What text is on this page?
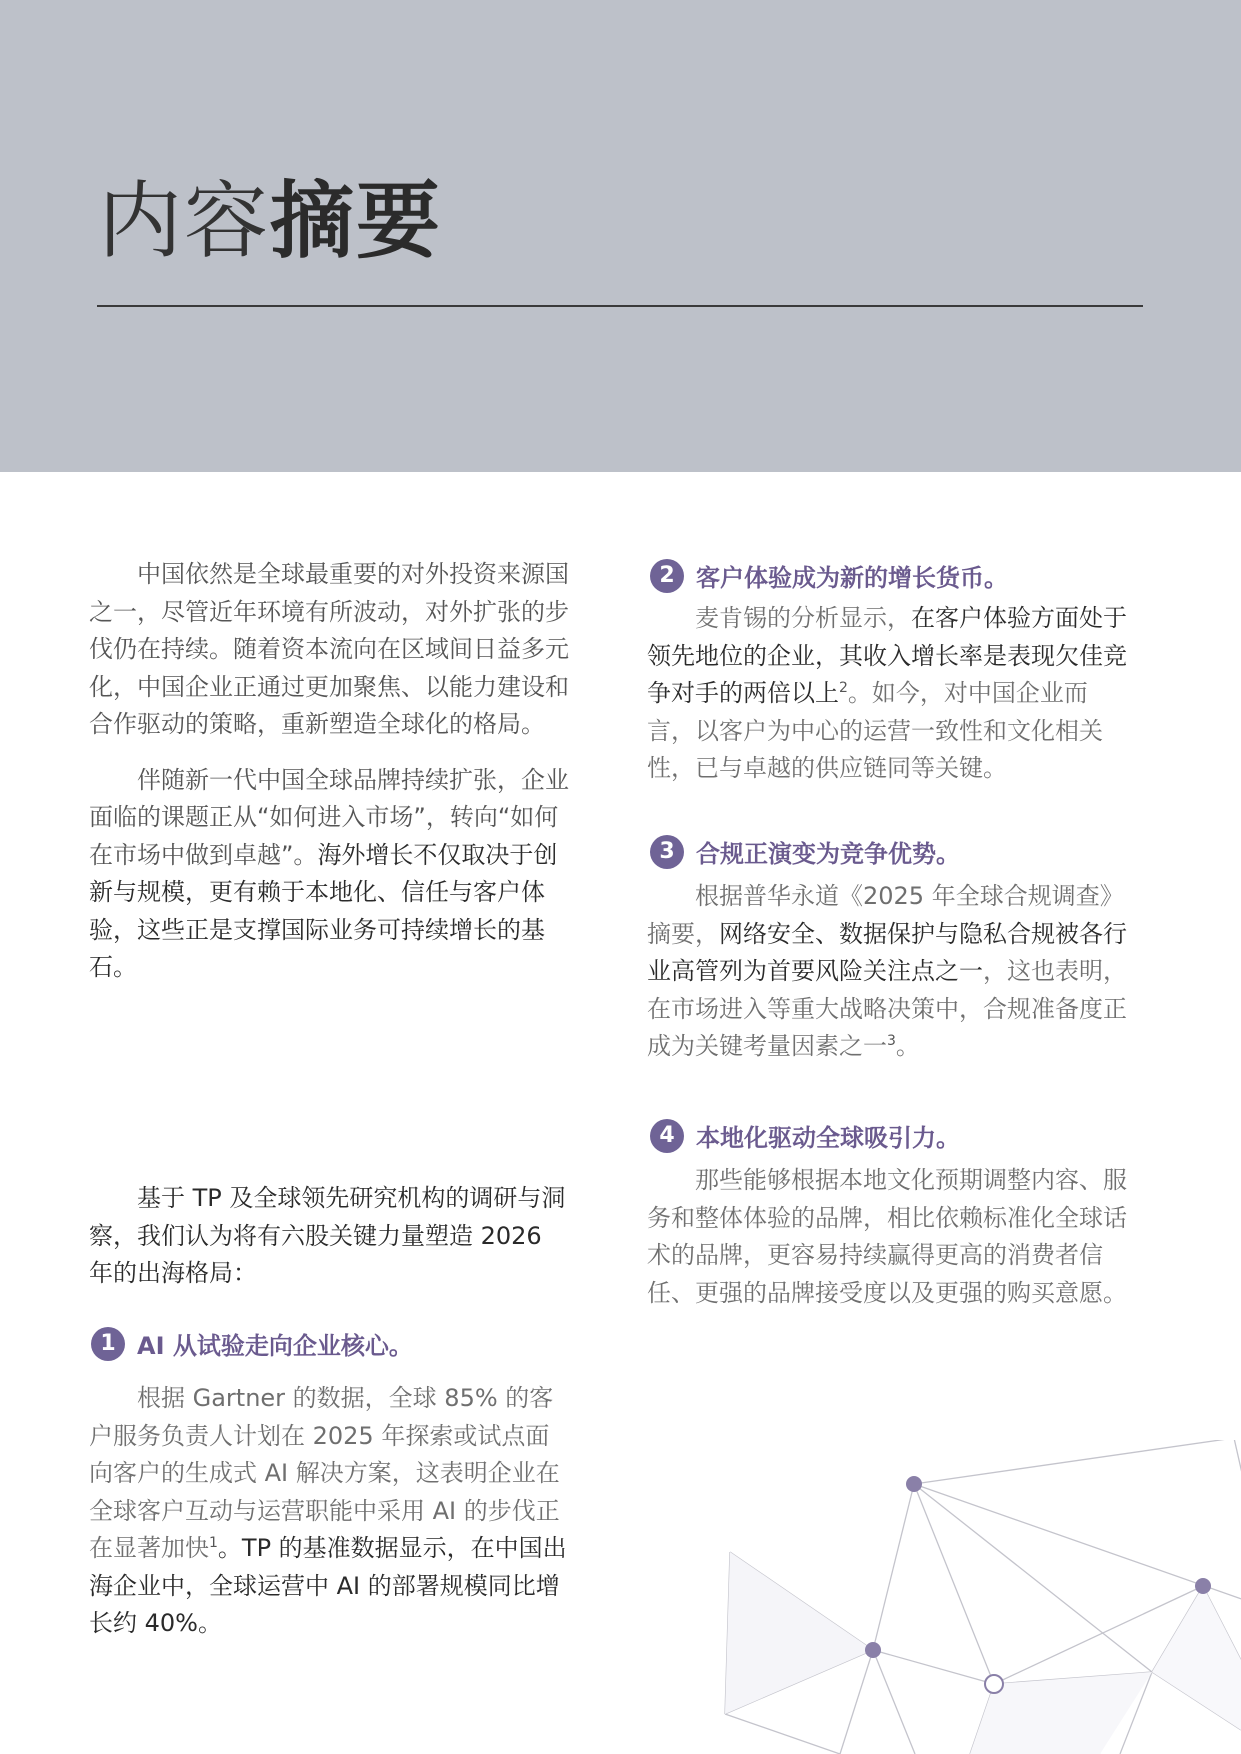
内容摘要

中国依然是全球最重要的对外投资来源国之一，尽管近年环境有所波动，对外扩张的步伐仍在持续。随着资本流向在区域间日益多元化，中国企业正通过更加聚焦、以能力建设和合作驱动的策略，重新塑造全球化的格局。

伴随新一代中国全球品牌持续扩张，企业面临的课题正从“如何进入市场”，转向“如何在市场中做到卓越”。海外增长不仅取决于创新与规模，更有赖于本地化、信任与客户体验，这些正是支撑国际业务可持续增长的基石。

基于 TP 及全球领先研究机构的调研与洞察，我们认为将有六股关键力量塑造 2026 年的出海格局：

1 AI 从试验走向企业核心。

根据 Gartner 的数据，全球 85% 的客户服务负责人计划在 2025 年探索或试点面向客户的生成式 AI 解决方案，这表明企业在全球客户互动与运营职能中采用 AI 的步伐正在显著加快$^1$。TP 的基准数据显示，在中国出海企业中，全球运营中 AI 的部署规模同比增长约 40%。

2 客户体验成为新的增长货币。

麦肯锡的分析显示，在客户体验方面处于领先地位的企业，其收入增长率是表现欠佳竞争对手的两倍以上$^2$。如今，对中国企业而言，以客户为中心的运营一致性和文化相关性，已与卓越的供应链同等关键。

3 合规正演变为竞争优势。

根据普华永道《2025 年全球合规调查》摘要，网络安全、数据保护与隐私合规被各行业高管列为首要风险关注点之一，这也表明，在市场进入等重大战略决策中，合规准备度正成为关键考量因素之一$^3$。

4 本地化驱动全球吸引力。

那些能够根据本地文化预期调整内容、服务和整体体验的品牌，相比依赖标准化全球话术的品牌，更容易持续赢得更高的消费者信任、更强的品牌接受度以及更强的购买意愿。
